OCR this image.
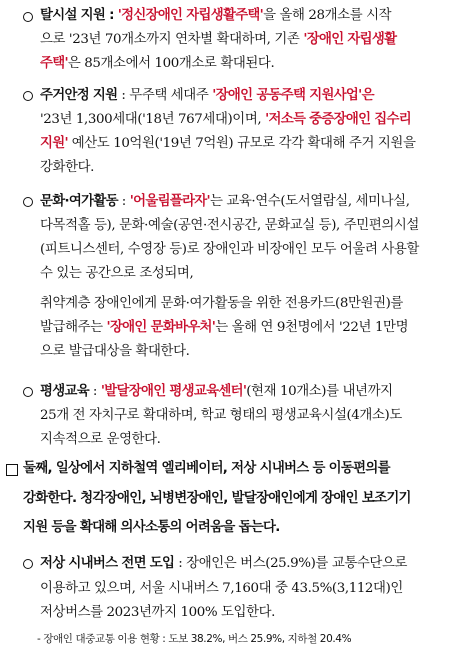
탈시설 지원 : '정신장애인 자립생활주택'을 올해 28개소를 시작
으로 '23년 70개소까지 연차별 확대하며, 기존 '장애인 자립생활
주택'은 85개소에서 100개소로 확대된다.
주거안정 지원 : 무주택 세대주 '장애인 공동주택 지원사업'은
'23년 1,300세대('18년 767세대)이며, '저소득 중증장애인 집수리
지원' 예산도 10억원('19년 7억원) 규모로 각각 확대해 주거 지원을
강화한다.
문화·여가활동 : '어울림플라자'는 교육·연수(도서열람실, 세미나실,
다목적홀 등), 문화·예술(공연·전시공간, 문화교실 등), 주민편의시설
(피트니스센터, 수영장 등)로 장애인과 비장애인 모두 어울려 사용할
수 있는 공간으로 조성되며,
취약계층 장애인에게 문화·여가활동을 위한 전용카드(8만원권)를
발급해주는 '장애인 문화바우처'는 올해 연 9천명에서 '22년 1만명
으로 발급대상을 확대한다.
평생교육 : '발달장애인 평생교육센터'(현재 10개소)를 내년까지
25개 전 자치구로 확대하며, 학교 형태의 평생교육시설(4개소)도
지속적으로 운영한다.
둘째, 일상에서 지하철역 엘리베이터, 저상 시내버스 등 이동편의를
강화한다. 청각장애인, 뇌병변장애인, 발달장애인에게 장애인 보조기기
지원 등을 확대해 의사소통의 어려움을 돕는다.
저상 시내버스 전면 도입 : 장애인은 버스(25.9%)를 교통수단으로
이용하고 있으며, 서울 시내버스 7,160대 중 43.5%(3,112대)인
저상버스를 2023년까지 100% 도입한다.
- 장애인 대중교통 이용 현황 : 도보 38.2%, 버스 25.9%, 지하철 20.4%
